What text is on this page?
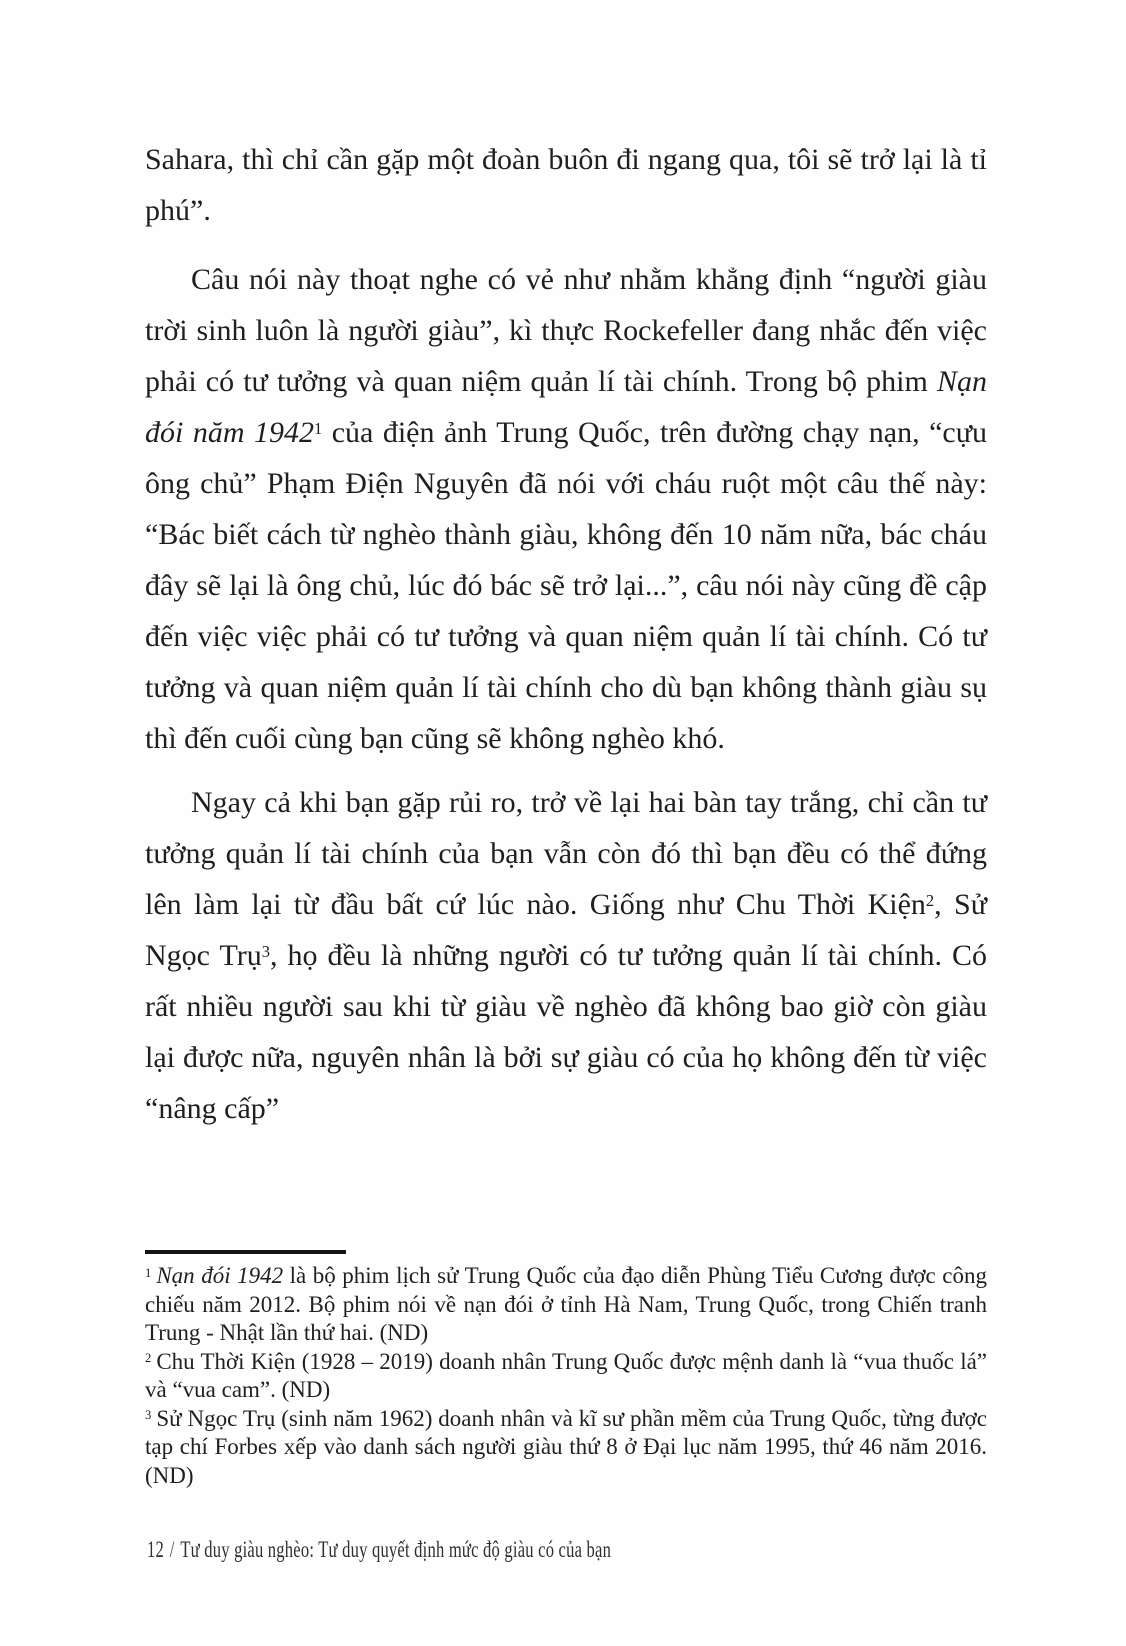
Sahara, thì chỉ cần gặp một đoàn buôn đi ngang qua, tôi sẽ trở lại là tỉ phú”.

Câu nói này thoạt nghe có vẻ như nhằm khẳng định “người giàu trời sinh luôn là người giàu”, kì thực Rockefeller đang nhắc đến việc phải có tư tưởng và quan niệm quản lí tài chính. Trong bộ phim Nạn đói năm 1942$^1$ của điện ảnh Trung Quốc, trên đường chạy nạn, “cựu ông chủ” Phạm Điện Nguyên đã nói với cháu ruột một câu thế này: “Bác biết cách từ nghèo thành giàu, không đến 10 năm nữa, bác cháu đây sẽ lại là ông chủ, lúc đó bác sẽ trở lại...”, câu nói này cũng đề cập đến việc việc phải có tư tưởng và quan niệm quản lí tài chính. Có tư tưởng và quan niệm quản lí tài chính cho dù bạn không thành giàu sụ thì đến cuối cùng bạn cũng sẽ không nghèo khó.

Ngay cả khi bạn gặp rủi ro, trở về lại hai bàn tay trắng, chỉ cần tư tưởng quản lí tài chính của bạn vẫn còn đó thì bạn đều có thể đứng lên làm lại từ đầu bất cứ lúc nào. Giống như Chu Thời Kiện$^2$, Sử Ngọc Trụ$^3$, họ đều là những người có tư tưởng quản lí tài chính. Có rất nhiều người sau khi từ giàu về nghèo đã không bao giờ còn giàu lại được nữa, nguyên nhân là bởi sự giàu có của họ không đến từ việc “nâng cấp”

$^1$ Nạn đói 1942 là bộ phim lịch sử Trung Quốc của đạo diễn Phùng Tiểu Cương được công chiếu năm 2012. Bộ phim nói về nạn đói ở tỉnh Hà Nam, Trung Quốc, trong Chiến tranh Trung - Nhật lần thứ hai. (ND)

$^2$ Chu Thời Kiện (1928 – 2019) doanh nhân Trung Quốc được mệnh danh là “vua thuốc lá” và “vua cam”. (ND)

$^3$ Sử Ngọc Trụ (sinh năm 1962) doanh nhân và kĩ sư phần mềm của Trung Quốc, từng được tạp chí Forbes xếp vào danh sách người giàu thứ 8 ở Đại lục năm 1995, thứ 46 năm 2016. (ND)

12 / Tư duy giàu nghèo: Tư duy quyết định mức độ giàu có của bạn
